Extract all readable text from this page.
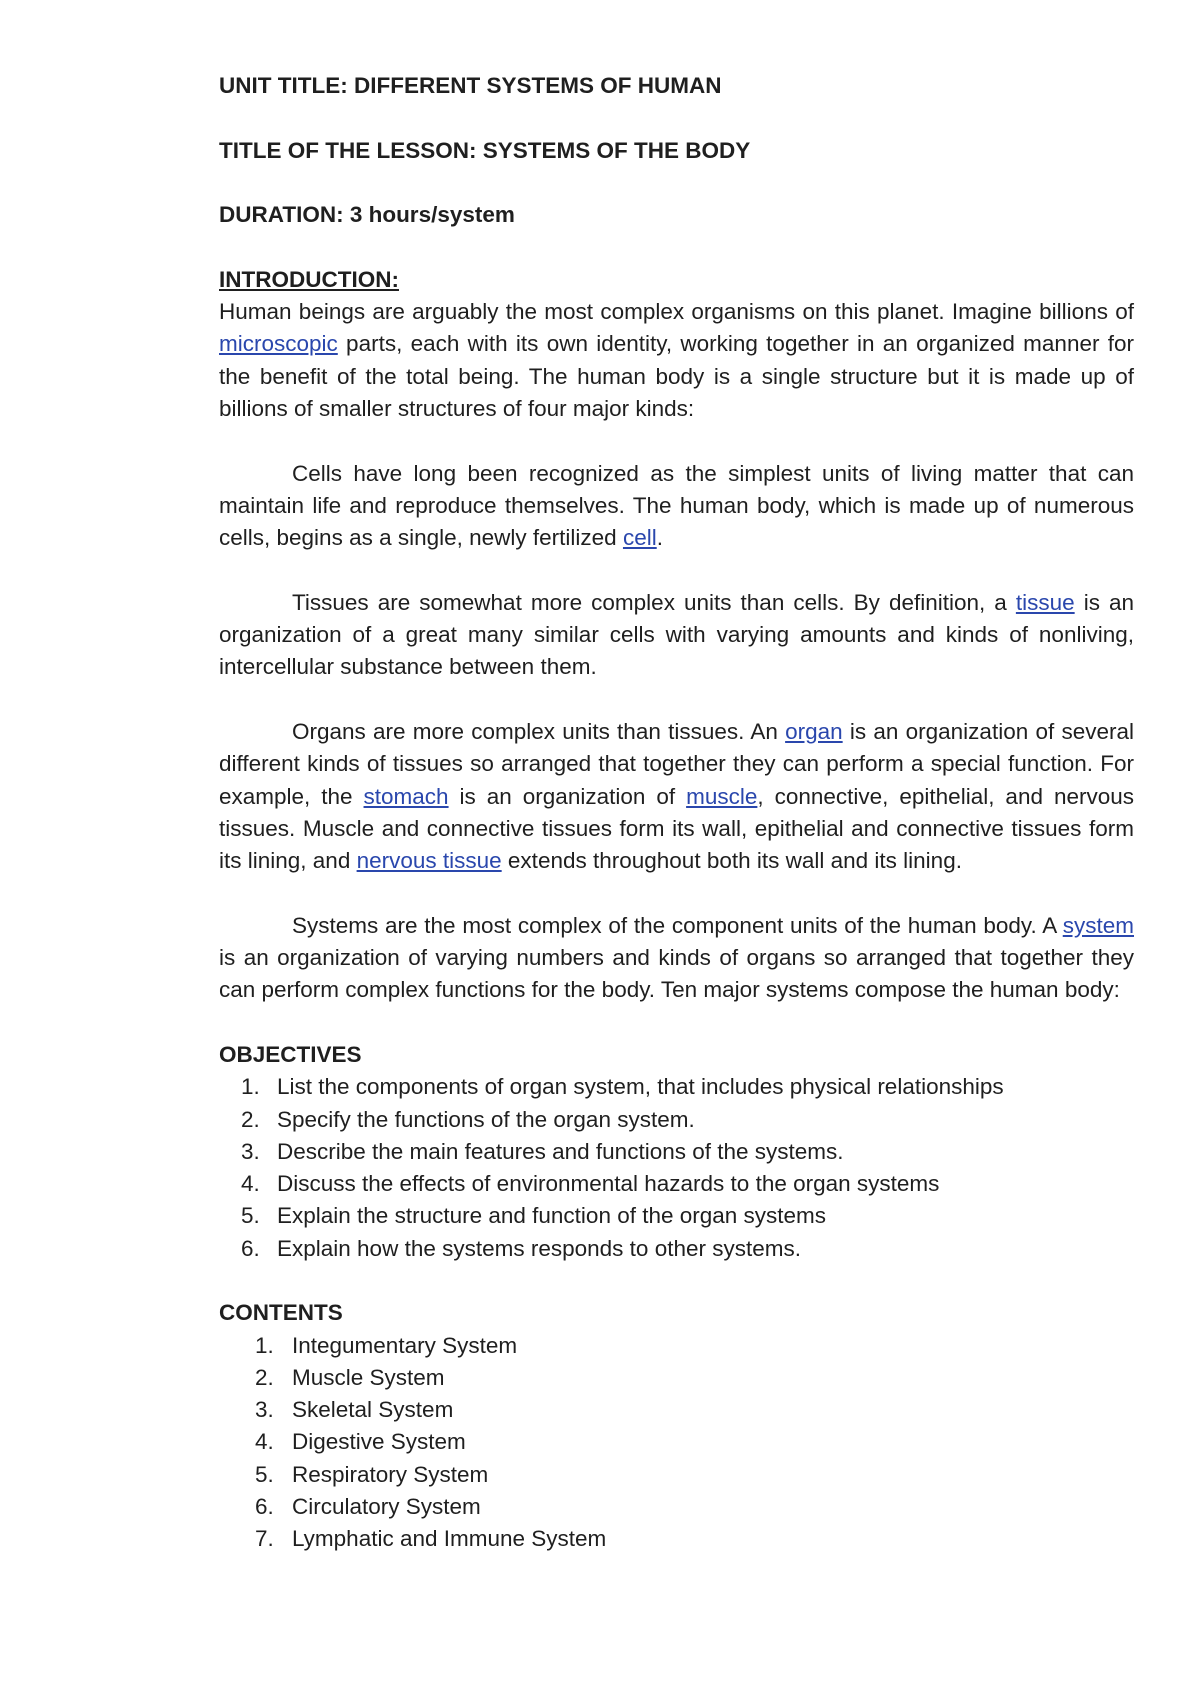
UNIT TITLE: DIFFERENT SYSTEMS OF HUMAN
TITLE OF THE LESSON: SYSTEMS OF THE BODY
DURATION: 3 hours/system
INTRODUCTION:

Human beings are arguably the most complex organisms on this planet. Imagine billions of microscopic parts, each with its own identity, working together in an organized manner for the benefit of the total being. The human body is a single structure but it is made up of billions of smaller structures of four major kinds:

Cells have long been recognized as the simplest units of living matter that can maintain life and reproduce themselves. The human body, which is made up of numerous cells, begins as a single, newly fertilized cell.

Tissues are somewhat more complex units than cells. By definition, a tissue is an organization of a great many similar cells with varying amounts and kinds of nonliving, intercellular substance between them.

Organs are more complex units than tissues. An organ is an organization of several different kinds of tissues so arranged that together they can perform a special function. For example, the stomach is an organization of muscle, connective, epithelial, and nervous tissues. Muscle and connective tissues form its wall, epithelial and connective tissues form its lining, and nervous tissue extends throughout both its wall and its lining.

Systems are the most complex of the component units of the human body. A system is an organization of varying numbers and kinds of organs so arranged that together they can perform complex functions for the body. Ten major systems compose the human body:

OBJECTIVES
1. List the components of organ system, that includes physical relationships
2. Specify the functions of the organ system.
3. Describe the main features and functions of the systems.
4. Discuss the effects of environmental hazards to the organ systems
5. Explain the structure and function of the organ systems
6. Explain how the systems responds to other systems.
CONTENTS
1. Integumentary System
2. Muscle System
3. Skeletal System
4. Digestive System
5. Respiratory System
6. Circulatory System
7. Lymphatic and Immune System
